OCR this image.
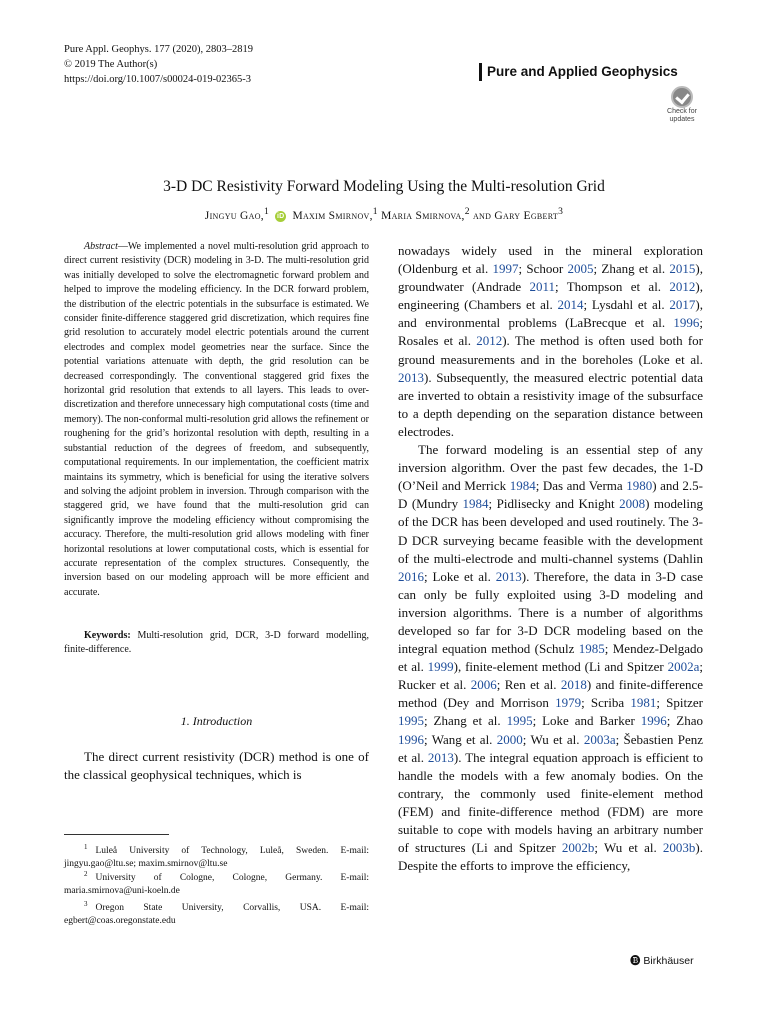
Pure Appl. Geophys. 177 (2020), 2803–2819
© 2019 The Author(s)
https://doi.org/10.1007/s00024-019-02365-3
Pure and Applied Geophysics
Check for
updates
3-D DC Resistivity Forward Modeling Using the Multi-resolution Grid
Jingyu Gao,$^1$ iD Maxim Smirnov,$^1$ Maria Smirnova,$^2$ and Gary Egbert$^3$
Abstract—We implemented a novel multi-resolution grid approach to direct current resistivity (DCR) modeling in 3-D. The multi-resolution grid was initially developed to solve the electromagnetic forward problem and helped to improve the modeling efficiency. In the DCR forward problem, the distribution of the electric potentials in the subsurface is estimated. We consider finite-difference staggered grid discretization, which requires fine grid resolution to accurately model electric potentials around the current electrodes and complex model geometries near the surface. Since the potential variations attenuate with depth, the grid resolution can be decreased correspondingly. The conventional staggered grid fixes the horizontal grid resolution that extends to all layers. This leads to over-discretization and therefore unnecessary high computational costs (time and memory). The non-conformal multi-resolution grid allows the refinement or roughening for the grid’s horizontal resolution with depth, resulting in a substantial reduction of the degrees of freedom, and subsequently, computational requirements. In our implementation, the coefficient matrix maintains its symmetry, which is beneficial for using the iterative solvers and solving the adjoint problem in inversion. Through comparison with the staggered grid, we have found that the multi-resolution grid can significantly improve the modeling efficiency without compromising the accuracy. Therefore, the multi-resolution grid allows modeling with finer horizontal resolutions at lower computational costs, which is essential for accurate representation of the complex structures. Consequently, the inversion based on our modeling approach will be more efficient and accurate.
Keywords: Multi-resolution grid, DCR, 3-D forward modelling, finite-difference.
1. Introduction
The direct current resistivity (DCR) method is one of the classical geophysical techniques, which is
$^1$ Luleå University of Technology, Luleå, Sweden. E-mail: jingyu.gao@ltu.se; maxim.smirnov@ltu.se
$^2$ University of Cologne, Cologne, Germany. E-mail: maria.smirnova@uni-koeln.de
$^3$ Oregon State University, Corvallis, USA. E-mail: egbert@coas.oregonstate.edu

nowadays widely used in the mineral exploration (Oldenburg et al. 1997; Schoor 2005; Zhang et al. 2015), groundwater (Andrade 2011; Thompson et al. 2012), engineering (Chambers et al. 2014; Lysdahl et al. 2017), and environmental problems (LaBrecque et al. 1996; Rosales et al. 2012). The method is often used both for ground measurements and in the boreholes (Loke et al. 2013). Subsequently, the measured electric potential data are inverted to obtain a resistivity image of the subsurface to a depth depending on the separation distance between electrodes.

The forward modeling is an essential step of any inversion algorithm. Over the past few decades, the 1-D (O’Neil and Merrick 1984; Das and Verma 1980) and 2.5-D (Mundry 1984; Pidlisecky and Knight 2008) modeling of the DCR has been developed and used routinely. The 3-D DCR surveying became feasible with the development of the multi-electrode and multi-channel systems (Dahlin 2016; Loke et al. 2013). Therefore, the data in 3-D case can only be fully exploited using 3-D modeling and inversion algorithms. There is a number of algorithms developed so far for 3-D DCR modeling based on the integral equation method (Schulz 1985; Mendez-Delgado et al. 1999), finite-element method (Li and Spitzer 2002a; Rucker et al. 2006; Ren et al. 2018) and finite-difference method (Dey and Morrison 1979; Scriba 1981; Spitzer 1995; Zhang et al. 1995; Loke and Barker 1996; Zhao 1996; Wang et al. 2000; Wu et al. 2003a; Šebastien Penz et al. 2013). The integral equation approach is efficient to handle the models with a few anomaly bodies. On the contrary, the commonly used finite-element method (FEM) and finite-difference method (FDM) are more suitable to cope with models having an arbitrary number of structures (Li and Spitzer 2002b; Wu et al. 2003b). Despite the efforts to improve the efficiency,

🅑 Birkhäuser
